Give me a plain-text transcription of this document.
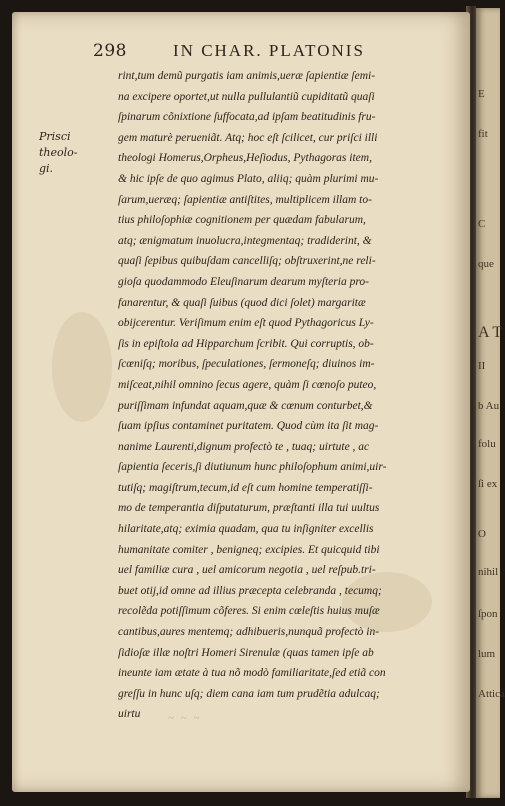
A T
II
b Au
folu
ſi ex
O
nihil
ſpon
lum
Attica
C
que
fit
E
298	IN CHAR. PLATONIS
Prisci theolo-
gi.
rint,tum demũ purgatis iam animis,ueræ ſapientiæ ſemi-
na excipere oportet,ut nulla pullulantiũ cupiditatũ quaſi
ſpinarum cõnixtione ſuffocata,ad ipſam beatitudinis fru-
gem maturè perueniãt. Atq; hoc eſt ſcilicet, cur priſci illi
theologi Homerus,Orpheus,Heſiodus, Pythagoras item,
& hic ipſe de quo agimus Plato, aliiq; quàm plurimi mu-
ſarum,ueræq; ſapientiæ antiſtites, multiplicem illam to-
tius philoſophiæ cognitionem per quædam fabularum,
atq; ænigmatum inuolucra,integmentaq; tradiderint, &
quaſi ſepibus quibuſdam cancelliſq; obſtruxerint,ne reli-
gioſa quodammodo Eleuſinarum dearum myſteria pro-
fanarentur, & quaſi ſuibus (quod dici ſolet) margaritæ
obijcerentur. Veriſimum enim eſt quod Pythagoricus Ly-
ſis in epiſtola ad Hipparchum ſcribit. Qui corruptis, ob-
ſcœniſq; moribus, ſpeculationes, ſermoneſq; diuinos im-
miſceat,nihil omnino ſecus agere, quàm ſi cœnoſo puteo,
puriſſimam infundat aquam,quæ & cœnum conturbet,&
ſuam ipſius contaminet puritatem. Quod cùm ita ſit mag-
nanime Laurenti,dignum profectò te , tuaq; uirtute , ac
ſapientia ſeceris,ſi diutiunum hunc philoſophum animi,uir-
tutiſq; magiſtrum,tecum,id eſt cum homine temperatiſſi-
mo de temperantia diſputaturum, præſtanti illa tui uultus
hilaritate,atq; eximia quadam, qua tu inſigniter excellis
humanitate comiter , benigneq; excipies. Et quicquid tibi
uel familiæ cura , uel amicorum negotia , uel reſpub.tri-
buet otij,id omne ad illius præcepta celebranda , tecumq;
recolẽda potiſſimum cõferes. Si enim cœleſtis huius muſæ
cantibus,aures mentemq; adhibueris,nunquã profectò in-
ſidioſæ illæ noſtri Homeri Sirenulæ (quas tamen ipſe ab
ineunte iam ætate à tua nõ modò familiaritate,ſed etiã con
greſſu in hunc uſq; diem cana iam tum prudẽtia adulcaq;
uirtu	~ ~ ~
